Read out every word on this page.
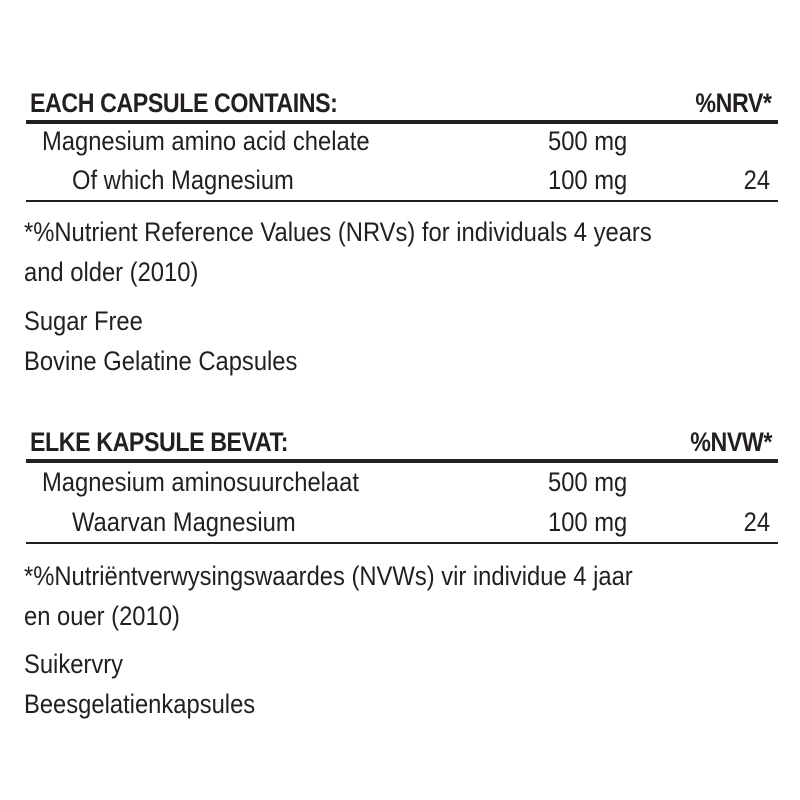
EACH CAPSULE CONTAINS:	%NRV*
Magnesium amino acid chelate	500 mg
Of which Magnesium	100 mg	24
*%Nutrient Reference Values (NRVs) for individuals 4 years
and older (2010)
Sugar Free
Bovine Gelatine Capsules
ELKE KAPSULE BEVAT:	%NVW*
Magnesium aminosuurchelaat	500 mg
Waarvan Magnesium	100 mg	24
*%Nutriëntverwysingswaardes (NVWs) vir individue 4 jaar
en ouer (2010)
Suikervry
Beesgelatienkapsules
